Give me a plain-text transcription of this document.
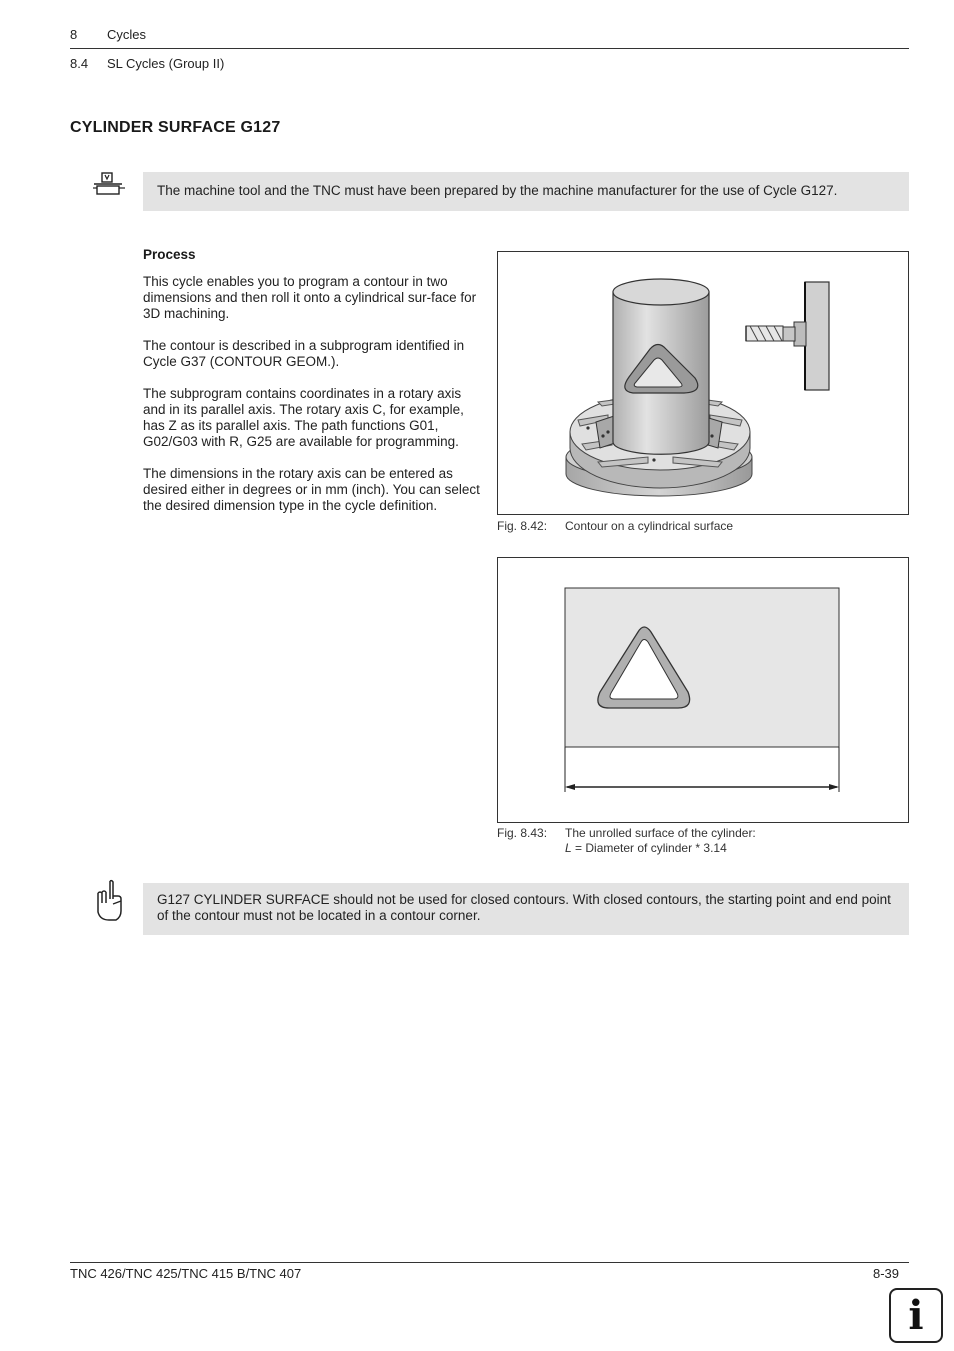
8 Cycles
8.4 SL Cycles (Group II)
CYLINDER SURFACE G127
The machine tool and the TNC must have been prepared by the machine manufacturer for the use of Cycle G127.
Process

This cycle enables you to program a contour in two dimensions and then roll it onto a cylindrical sur-face for 3D machining.

The contour is described in a subprogram identified in Cycle G37 (CONTOUR GEOM.).

The subprogram contains coordinates in a rotary axis and in its parallel axis. The rotary axis C, for example, has Z as its parallel axis. The path functions G01, G02/G03 with R, G25 are available for programming.

The dimensions in the rotary axis can be entered as desired either in degrees or in mm (inch). You can select the desired dimension type in the cycle definition.

Fig. 8.42: Contour on a cylindrical surface
Fig. 8.43: The unrolled surface of the cylinder:
L = Diameter of cylinder * 3.14
G127 CYLINDER SURFACE should not be used for closed contours. With closed contours, the starting point and end point of the contour must not be located in a contour corner.
TNC 426/TNC 425/TNC 415 B/TNC 407	8-39
i
